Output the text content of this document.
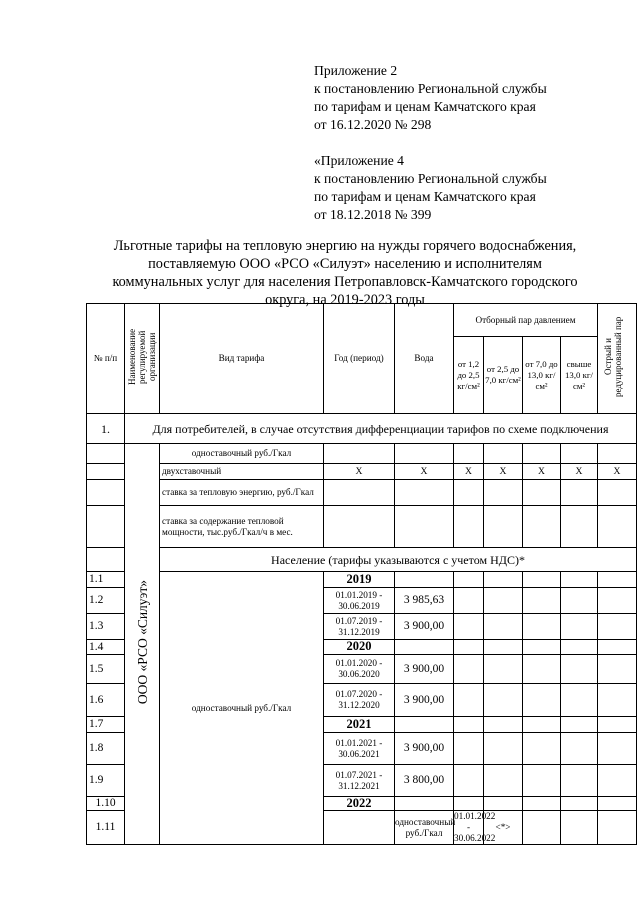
Приложение 2
к постановлению Региональной службы
по тарифам и ценам Камчатского края
от 16.12.2020 № 298
«Приложение 4
к постановлению Региональной службы
по тарифам и ценам Камчатского края
от 18.12.2018 № 399
Льготные тарифы на тепловую энергию на нужды горячего водоснабжения,
поставляемую ООО «РСО «Силуэт» населению и исполнителям
коммунальных услуг для населения Петропавловск-Камчатского городского
округа, на 2019-2023 годы
№ п/п	Наименование регулируемой организации	Вид тарифа	Год (период)	Вода	Отборный пар давлением				Острый и редуцированный пар	
					от 1,2 до 2,5 кг/см²	от 2,5 до 7,0 кг/см²	от 7,0 до 13,0 кг/см²	свыше 13,0 кг/см²		
1.	Для потребителей, в случае отсутствия дифференциации тарифов по схеме подключения									
	ООО «РСО «Силуэт»	одноставочный руб./Гкал								
		двухставочный	X	X	X	X	X	X	X	
		ставка за тепловую энергию, руб./Гкал								
		ставка за содержание тепловой мощности, тыс.руб./Гкал/ч в мес.								
		Население (тарифы указываются с учетом НДС)*								
1.1		одноставочный руб./Гкал	2019							
1.2			01.01.2019 - 30.06.2019	3 985,63						
1.3			01.07.2019 - 31.12.2019	3 900,00						
1.4			2020							
1.5			01.01.2020 - 30.06.2020	3 900,00						
1.6			01.07.2020 - 31.12.2020	3 900,00						
1.7			2021							
1.8			01.01.2021 - 30.06.2021	3 900,00						
1.9			01.07.2021 - 31.12.2021	3 800,00						
1.10			2022							
1.11				одноставочный руб./Гкал	01.01.2022 - 30.06.2022	<*>					
